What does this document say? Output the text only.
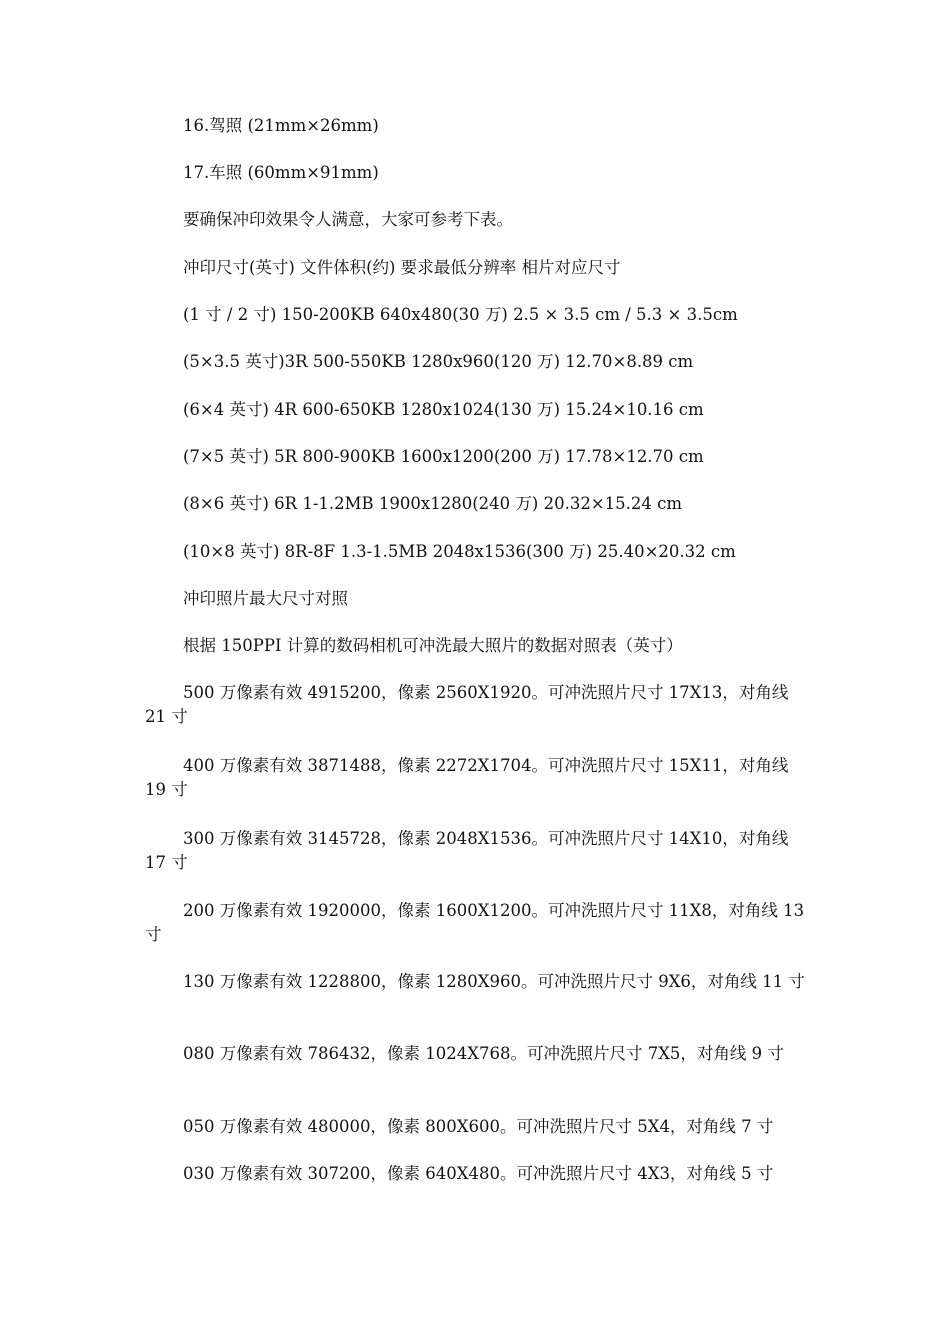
16.驾照 (21mm×26mm)
17.车照 (60mm×91mm)
要确保冲印效果令人满意，大家可参考下表。
冲印尺寸(英寸) 文件体积(约) 要求最低分辨率 相片对应尺寸
(1 寸 / 2 寸) 150-200KB 640x480(30 万) 2.5 × 3.5 cm / 5.3 × 3.5cm
(5×3.5 英寸)3R 500-550KB 1280x960(120 万) 12.70×8.89 cm
(6×4 英寸) 4R 600-650KB 1280x1024(130 万) 15.24×10.16 cm
(7×5 英寸) 5R 800-900KB 1600x1200(200 万) 17.78×12.70 cm
(8×6 英寸) 6R 1-1.2MB 1900x1280(240 万) 20.32×15.24 cm
(10×8 英寸) 8R-8F 1.3-1.5MB 2048x1536(300 万) 25.40×20.32 cm
冲印照片最大尺寸对照
根据 150PPI 计算的数码相机可冲洗最大照片的数据对照表（英寸）
500 万像素有效 4915200，像素 2560X1920。可冲洗照片尺寸 17X13，对角线 21 寸
400 万像素有效 3871488，像素 2272X1704。可冲洗照片尺寸 15X11，对角线 19 寸
300 万像素有效 3145728，像素 2048X1536。可冲洗照片尺寸 14X10，对角线 17 寸
200 万像素有效 1920000，像素 1600X1200。可冲洗照片尺寸 11X8，对角线 13 寸
130 万像素有效 1228800，像素 1280X960。可冲洗照片尺寸 9X6，对角线 11 寸
080 万像素有效 786432，像素 1024X768。可冲洗照片尺寸 7X5，对角线 9 寸
050 万像素有效 480000，像素 800X600。可冲洗照片尺寸 5X4，对角线 7 寸
030 万像素有效 307200，像素 640X480。可冲洗照片尺寸 4X3，对角线 5 寸
